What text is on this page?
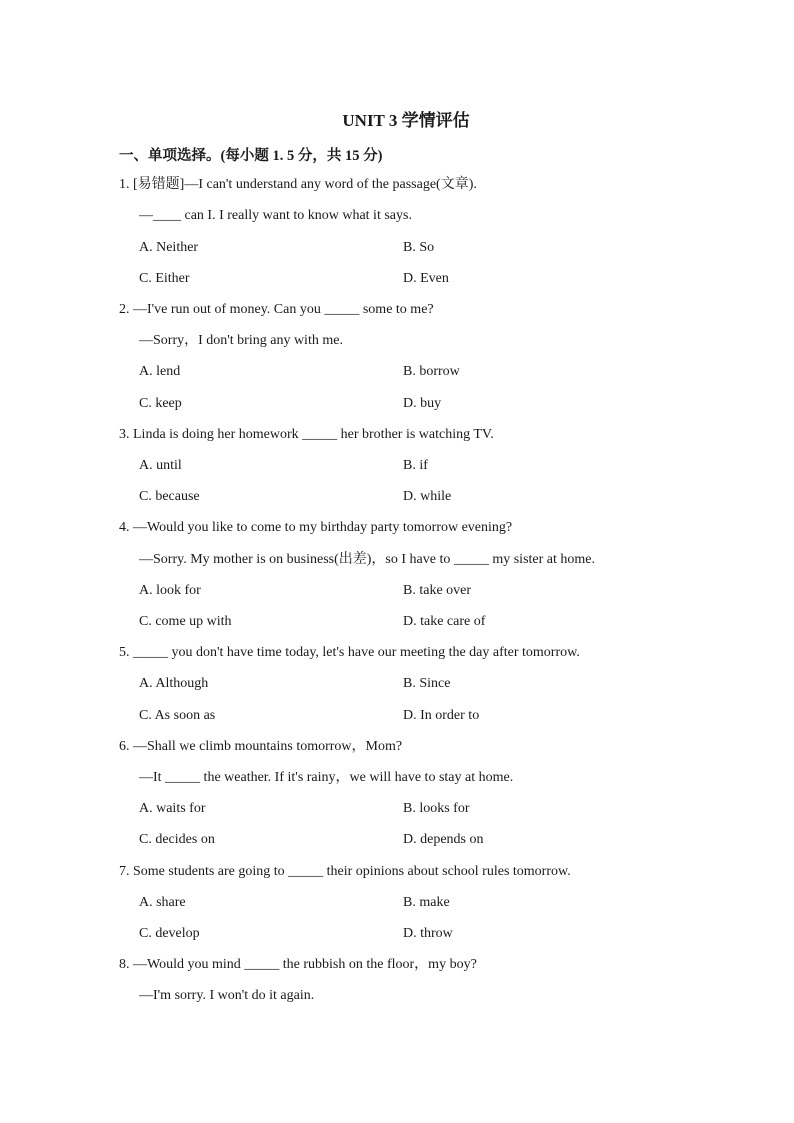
UNIT 3 学情评估
一、单项选择。(每小题 1. 5 分，共 15 分)
1. [易错题]—I can't understand any word of the passage(文章).
—____ can I. I really want to know what it says.
A. Neither	B. So
C. Either	D. Even
2. —I've run out of money. Can you _____ some to me?
—Sorry，I don't bring any with me.
A. lend	B. borrow
C. keep	D. buy
3. Linda is doing her homework _____ her brother is watching TV.
A. until	B. if
C. because	D. while
4. —Would you like to come to my birthday party tomorrow evening?
—Sorry. My mother is on business(出差)，so I have to _____ my sister at home.
A. look for	B. take over
C. come up with	D. take care of
5. _____ you don't have time today, let's have our meeting the day after tomorrow.
A. Although	B. Since
C. As soon as	D. In order to
6. —Shall we climb mountains tomorrow，Mom?
—It _____ the weather. If it's rainy，we will have to stay at home.
A. waits for	B. looks for
C. decides on	D. depends on
7. Some students are going to _____ their opinions about school rules tomorrow.
A. share	B. make
C. develop	D. throw
8. —Would you mind _____ the rubbish on the floor，my boy?
—I'm sorry. I won't do it again.
